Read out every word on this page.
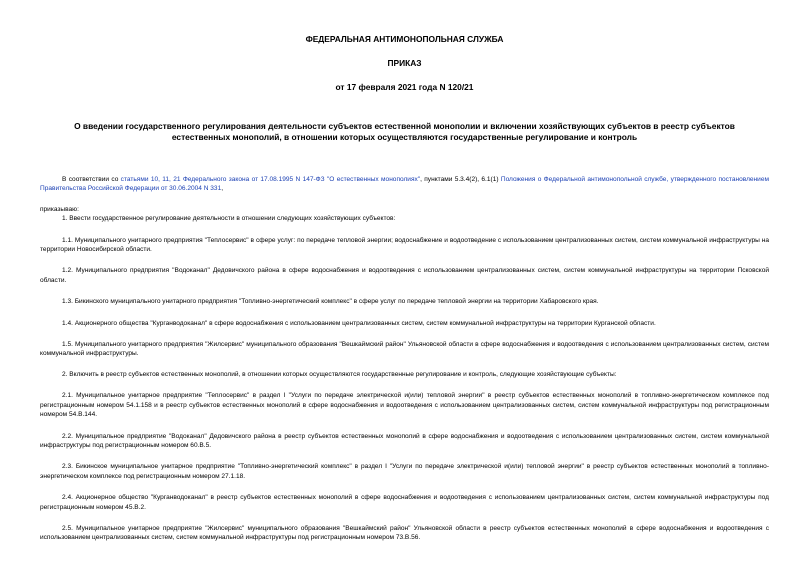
ФЕДЕРАЛЬНАЯ АНТИМОНОПОЛЬНАЯ СЛУЖБА
ПРИКАЗ
от 17 февраля 2021 года N 120/21
О введении государственного регулирования деятельности субъектов естественной монополии и включении хозяйствующих субъектов в реестр субъектов естественных монополий, в отношении которых осуществляются государственные регулирование и контроль

В соответствии со статьями 10, 11, 21 Федерального закона от 17.08.1995 N 147-ФЗ "О естественных монополиях", пунктами 5.3.4(2), 6.1(1) Положения о Федеральной антимонопольной службе, утвержденного постановлением Правительства Российской Федерации от 30.06.2004 N 331,

приказываю:

1. Ввести государственное регулирование деятельности в отношении следующих хозяйствующих субъектов:

1.1. Муниципального унитарного предприятия "Теплосервис" в сфере услуг: по передаче тепловой энергии; водоснабжение и водоотведение с использованием централизованных систем, систем коммунальной инфраструктуры на территории Новосибирской области.

1.2. Муниципального предприятия "Водоканал" Дедовичского района в сфере водоснабжения и водоотведения с использованием централизованных систем, систем коммунальной инфраструктуры на территории Псковской области.

1.3. Бикинского муниципального унитарного предприятия "Топливно-энергетический комплекс" в сфере услуг по передаче тепловой энергии на территории Хабаровского края.

1.4. Акционерного общества "Курганводоканал" в сфере водоснабжения с использованием централизованных систем, систем коммунальной инфраструктуры на территории Курганской области.

1.5. Муниципального унитарного предприятия "Жилсервис" муниципального образования "Вешкаймский район" Ульяновской области в сфере водоснабжения и водоотведения с использованием централизованных систем, систем коммунальной инфраструктуры.

2. Включить в реестр субъектов естественных монополий, в отношении которых осуществляются государственные регулирование и контроль, следующие хозяйствующие субъекты:

2.1. Муниципальное унитарное предприятие "Теплосервис" в раздел I "Услуги по передаче электрической и(или) тепловой энергии" в реестр субъектов естественных монополий в топливно-энергетическом комплексе под регистрационным номером 54.1.158 и в реестр субъектов естественных монополий в сфере водоснабжения и водоотведения с использованием централизованных систем, систем коммунальной инфраструктуры под регистрационным номером 54.В.144.

2.2. Муниципальное предприятие "Водоканал" Дедовичского района в реестр субъектов естественных монополий в сфере водоснабжения и водоотведения с использованием централизованных систем, систем коммунальной инфраструктуры под регистрационным номером 60.В.5.

2.3. Бикинское муниципальное унитарное предприятие "Топливно-энергетический комплекс" в раздел I "Услуги по передаче электрической и(или) тепловой энергии" в реестр субъектов естественных монополий в топливно-энергетическом комплексе под регистрационным номером 27.1.18.

2.4. Акционерное общество "Курганводоканал" в реестр субъектов естественных монополий в сфере водоснабжения и водоотведения с использованием централизованных систем, систем коммунальной инфраструктуры под регистрационным номером 45.В.2.

2.5. Муниципальное унитарное предприятие "Жилсервис" муниципального образования "Вешкаймский район" Ульяновской области в реестр субъектов естественных монополий в сфере водоснабжения и водоотведения с использованием централизованных систем, систем коммунальной инфраструктуры под регистрационным номером 73.В.56.
